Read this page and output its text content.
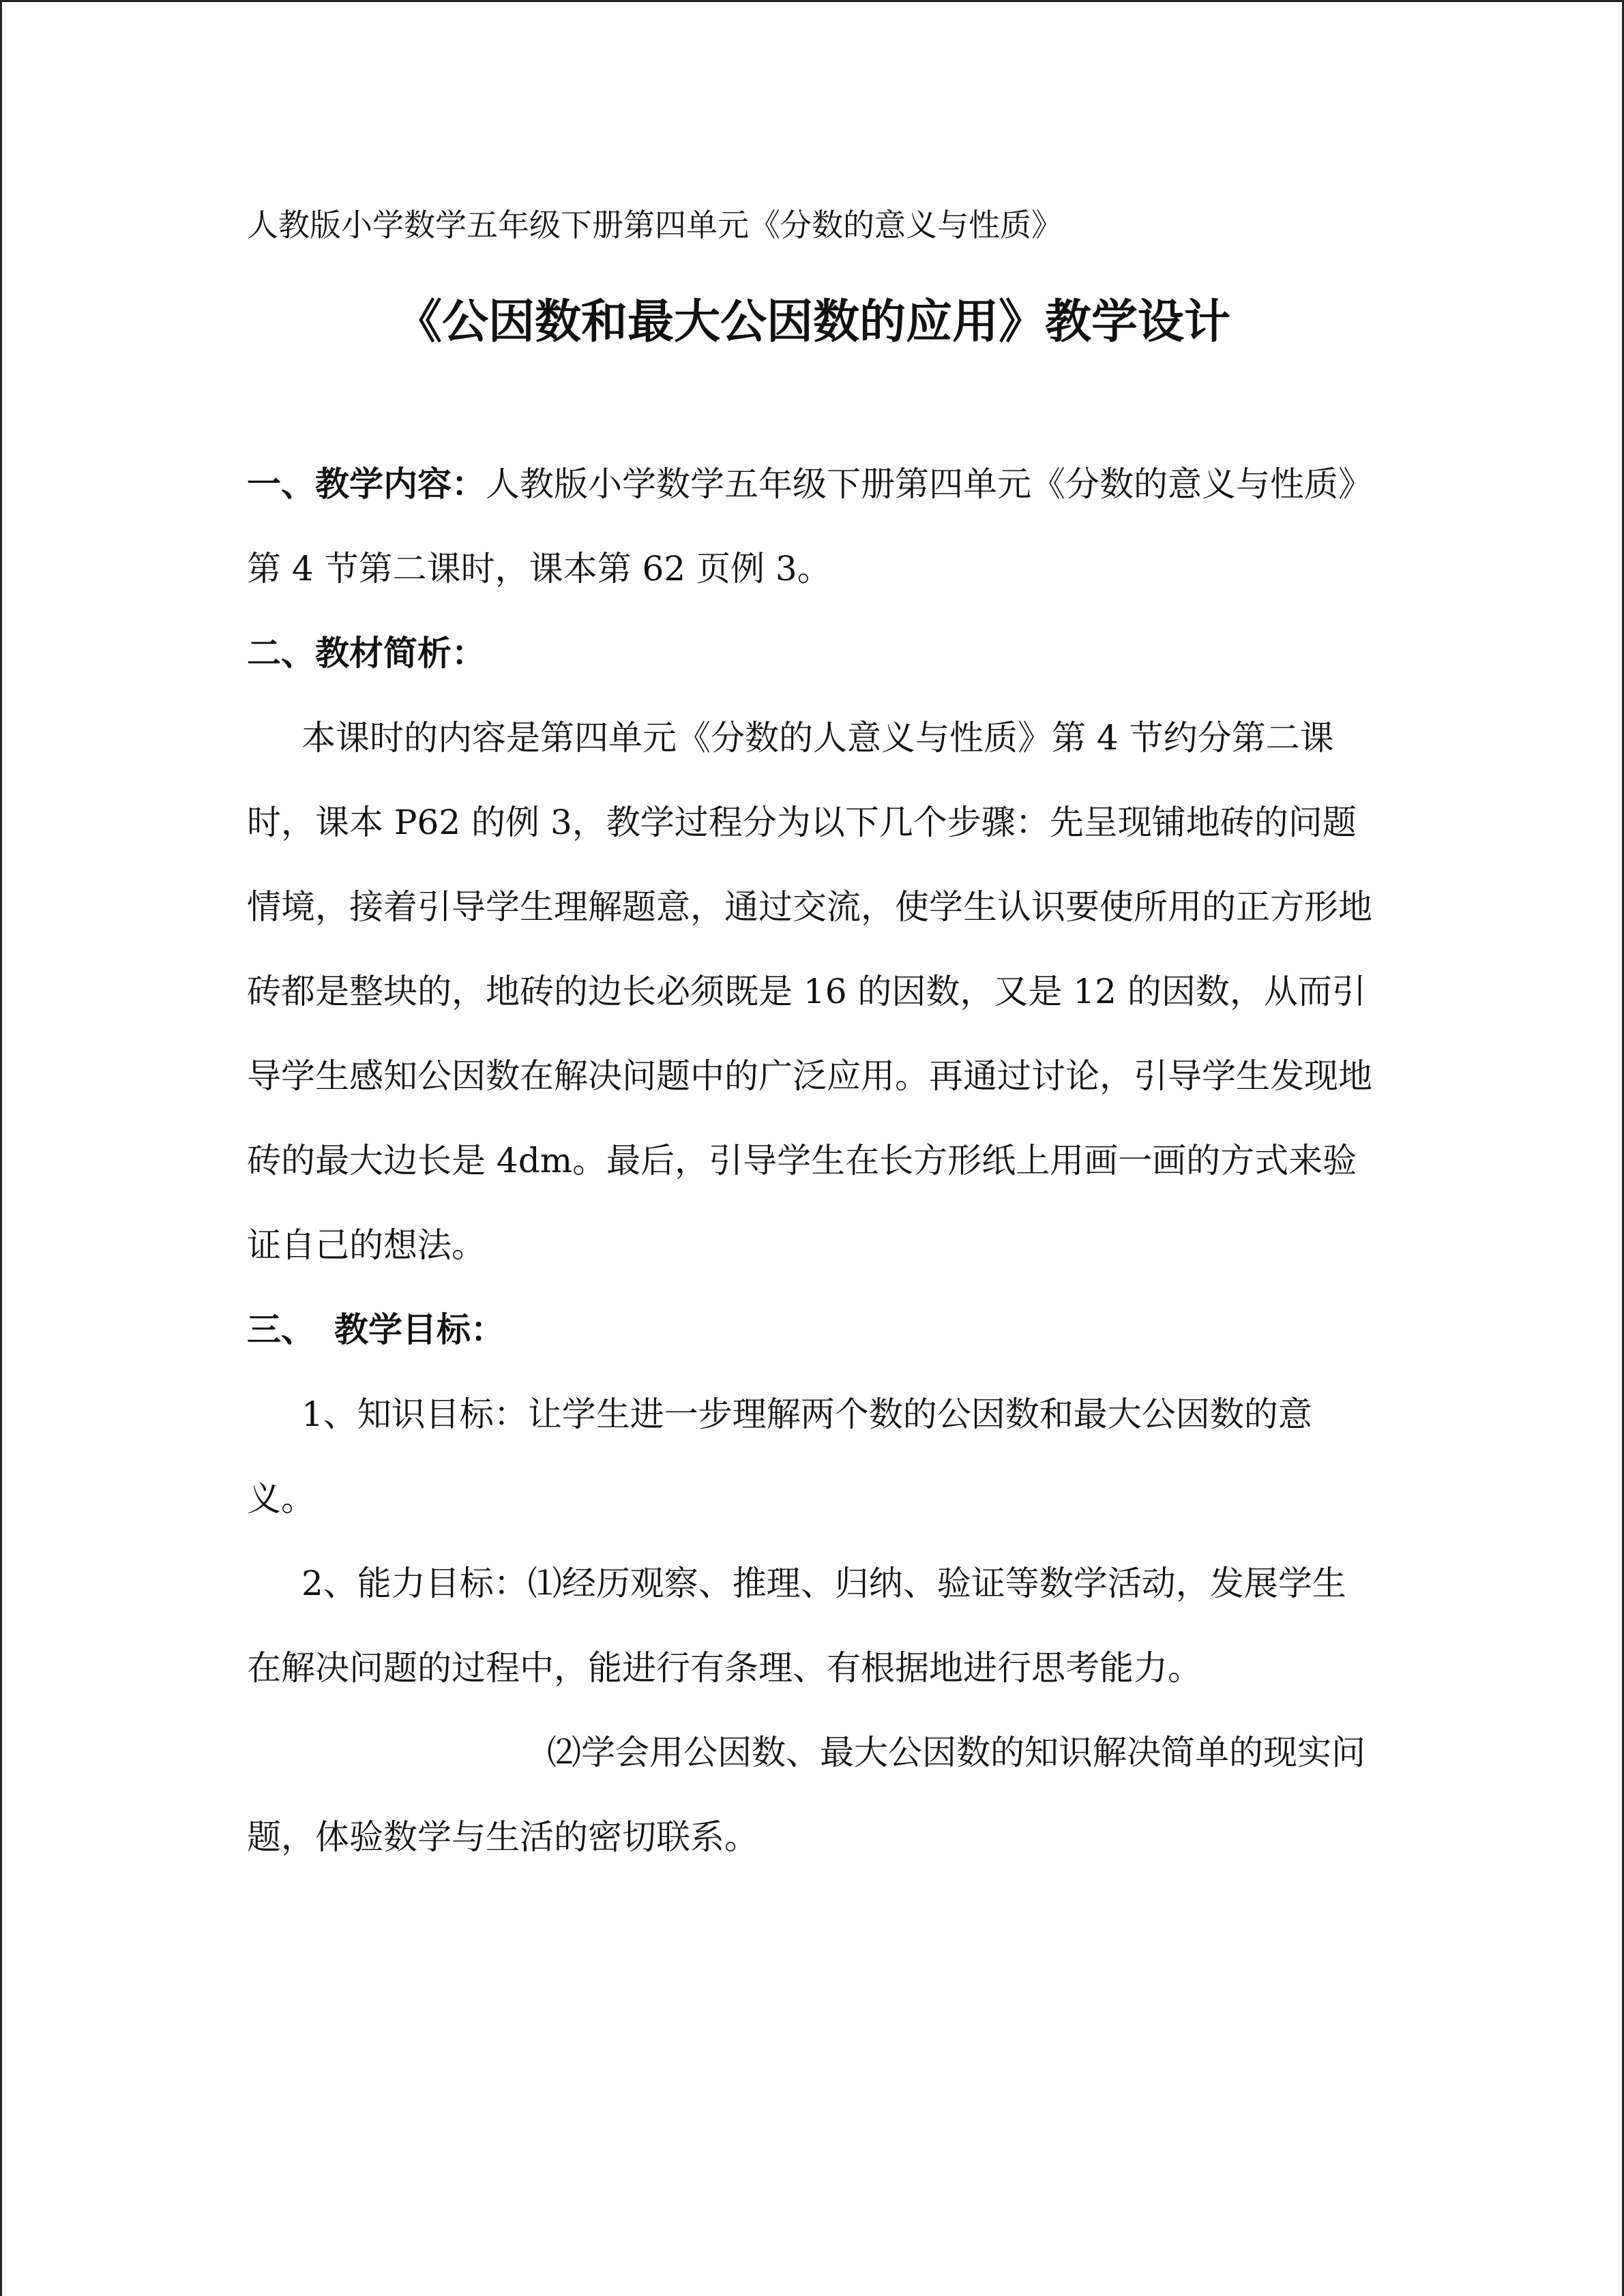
人教版小学数学五年级下册第四单元《分数的意义与性质》

《公因数和最大公因数的应用》教学设计

一、教学内容：人教版小学数学五年级下册第四单元《分数的意义与性质》第 4 节第二课时，课本第 62 页例 3。

二、教材简析：

本课时的内容是第四单元《分数的人意义与性质》第 4 节约分第二课时，课本 P62 的例 3，教学过程分为以下几个步骤：先呈现铺地砖的问题情境，接着引导学生理解题意，通过交流，使学生认识要使所用的正方形地砖都是整块的，地砖的边长必须既是 16 的因数，又是 12 的因数，从而引导学生感知公因数在解决问题中的广泛应用。再通过讨论，引导学生发现地砖的最大边长是 4dm。最后，引导学生在长方形纸上用画一画的方式来验证自己的想法。

三、 教学目标：

1、知识目标：让学生进一步理解两个数的公因数和最大公因数的意义。

2、能力目标：⑴经历观察、推理、归纳、验证等数学活动，发展学生在解决问题的过程中，能进行有条理、有根据地进行思考能力。

⑵学会用公因数、最大公因数的知识解决简单的现实问题，体验数学与生活的密切联系。
